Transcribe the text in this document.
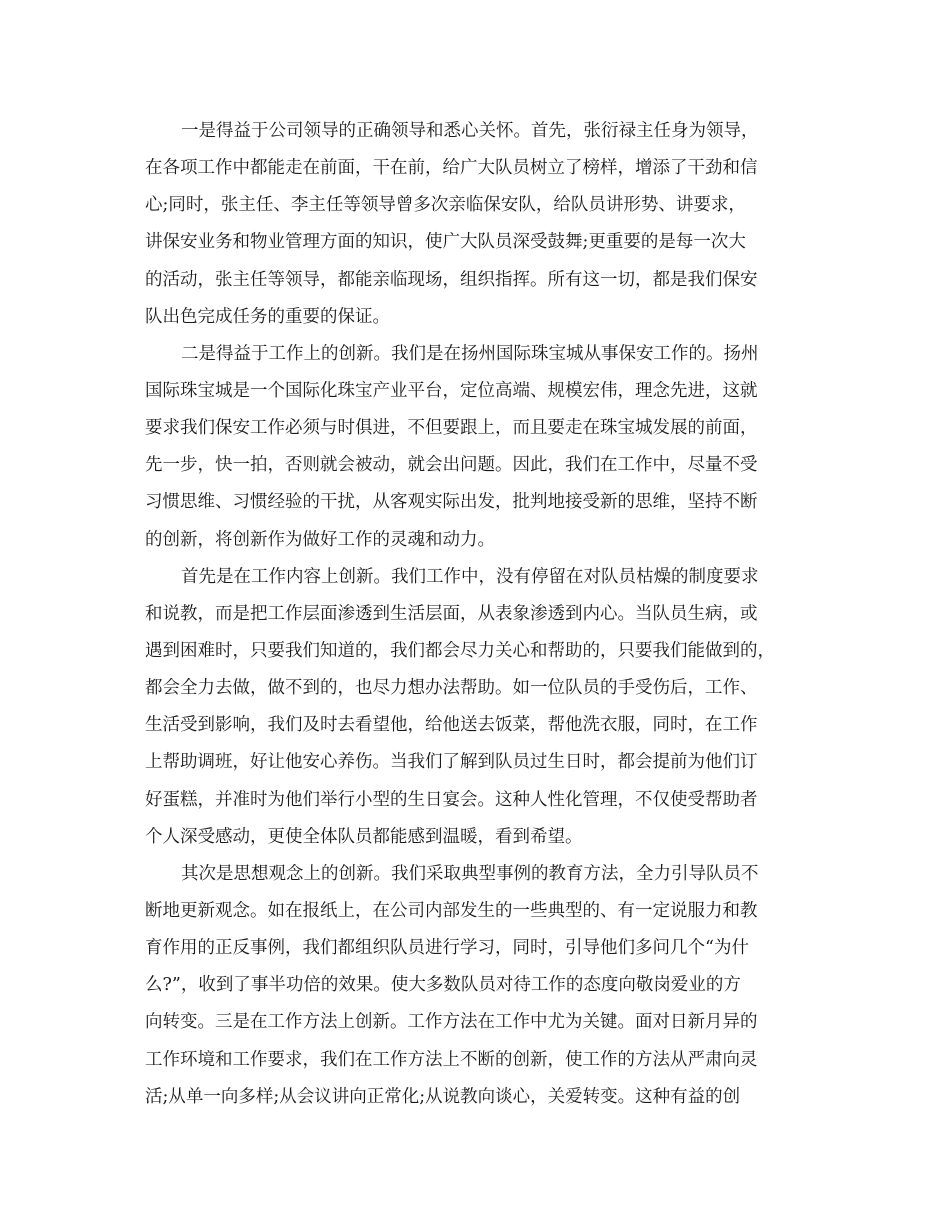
一是得益于公司领导的正确领导和悉心关怀。首先，张衍禄主任身为领导，
在各项工作中都能走在前面，干在前，给广大队员树立了榜样，增添了干劲和信
心;同时，张主任、李主任等领导曾多次亲临保安队，给队员讲形势、讲要求，
讲保安业务和物业管理方面的知识，使广大队员深受鼓舞;更重要的是每一次大
的活动，张主任等领导，都能亲临现场，组织指挥。所有这一切，都是我们保安
队出色完成任务的重要的保证。
二是得益于工作上的创新。我们是在扬州国际珠宝城从事保安工作的。扬州
国际珠宝城是一个国际化珠宝产业平台，定位高端、规模宏伟，理念先进，这就
要求我们保安工作必须与时俱进，不但要跟上，而且要走在珠宝城发展的前面，
先一步，快一拍，否则就会被动，就会出问题。因此，我们在工作中，尽量不受
习惯思维、习惯经验的干扰，从客观实际出发，批判地接受新的思维，坚持不断
的创新，将创新作为做好工作的灵魂和动力。
首先是在工作内容上创新。我们工作中，没有停留在对队员枯燥的制度要求
和说教，而是把工作层面渗透到生活层面，从表象渗透到内心。当队员生病，或
遇到困难时，只要我们知道的，我们都会尽力关心和帮助的，只要我们能做到的，
都会全力去做，做不到的，也尽力想办法帮助。如一位队员的手受伤后，工作、
生活受到影响，我们及时去看望他，给他送去饭菜，帮他洗衣服，同时，在工作
上帮助调班，好让他安心养伤。当我们了解到队员过生日时，都会提前为他们订
好蛋糕，并准时为他们举行小型的生日宴会。这种人性化管理，不仅使受帮助者
个人深受感动，更使全体队员都能感到温暖，看到希望。
其次是思想观念上的创新。我们采取典型事例的教育方法，全力引导队员不
断地更新观念。如在报纸上，在公司内部发生的一些典型的、有一定说服力和教
育作用的正反事例，我们都组织队员进行学习，同时，引导他们多问几个“为什
么?”，收到了事半功倍的效果。使大多数队员对待工作的态度向敬岗爱业的方
向转变。三是在工作方法上创新。工作方法在工作中尤为关键。面对日新月异的
工作环境和工作要求，我们在工作方法上不断的创新，使工作的方法从严肃向灵
活;从单一向多样;从会议讲向正常化;从说教向谈心，关爱转变。这种有益的创
